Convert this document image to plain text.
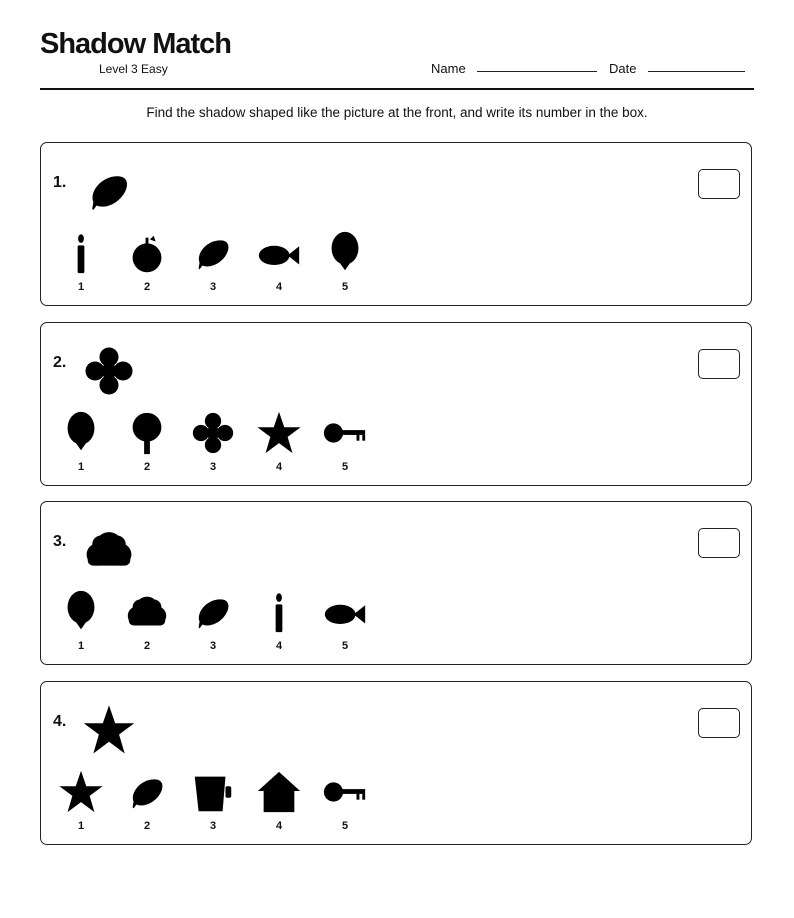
Shadow Match
Level 3 Easy	Name	Date
Find the shadow shaped like the picture at the front, and write its number in the box.
1.
1	2	3	4	5
2.
1	2	3	4	5
3.
1	2	3	4	5
4.
1	2	3	4	5
